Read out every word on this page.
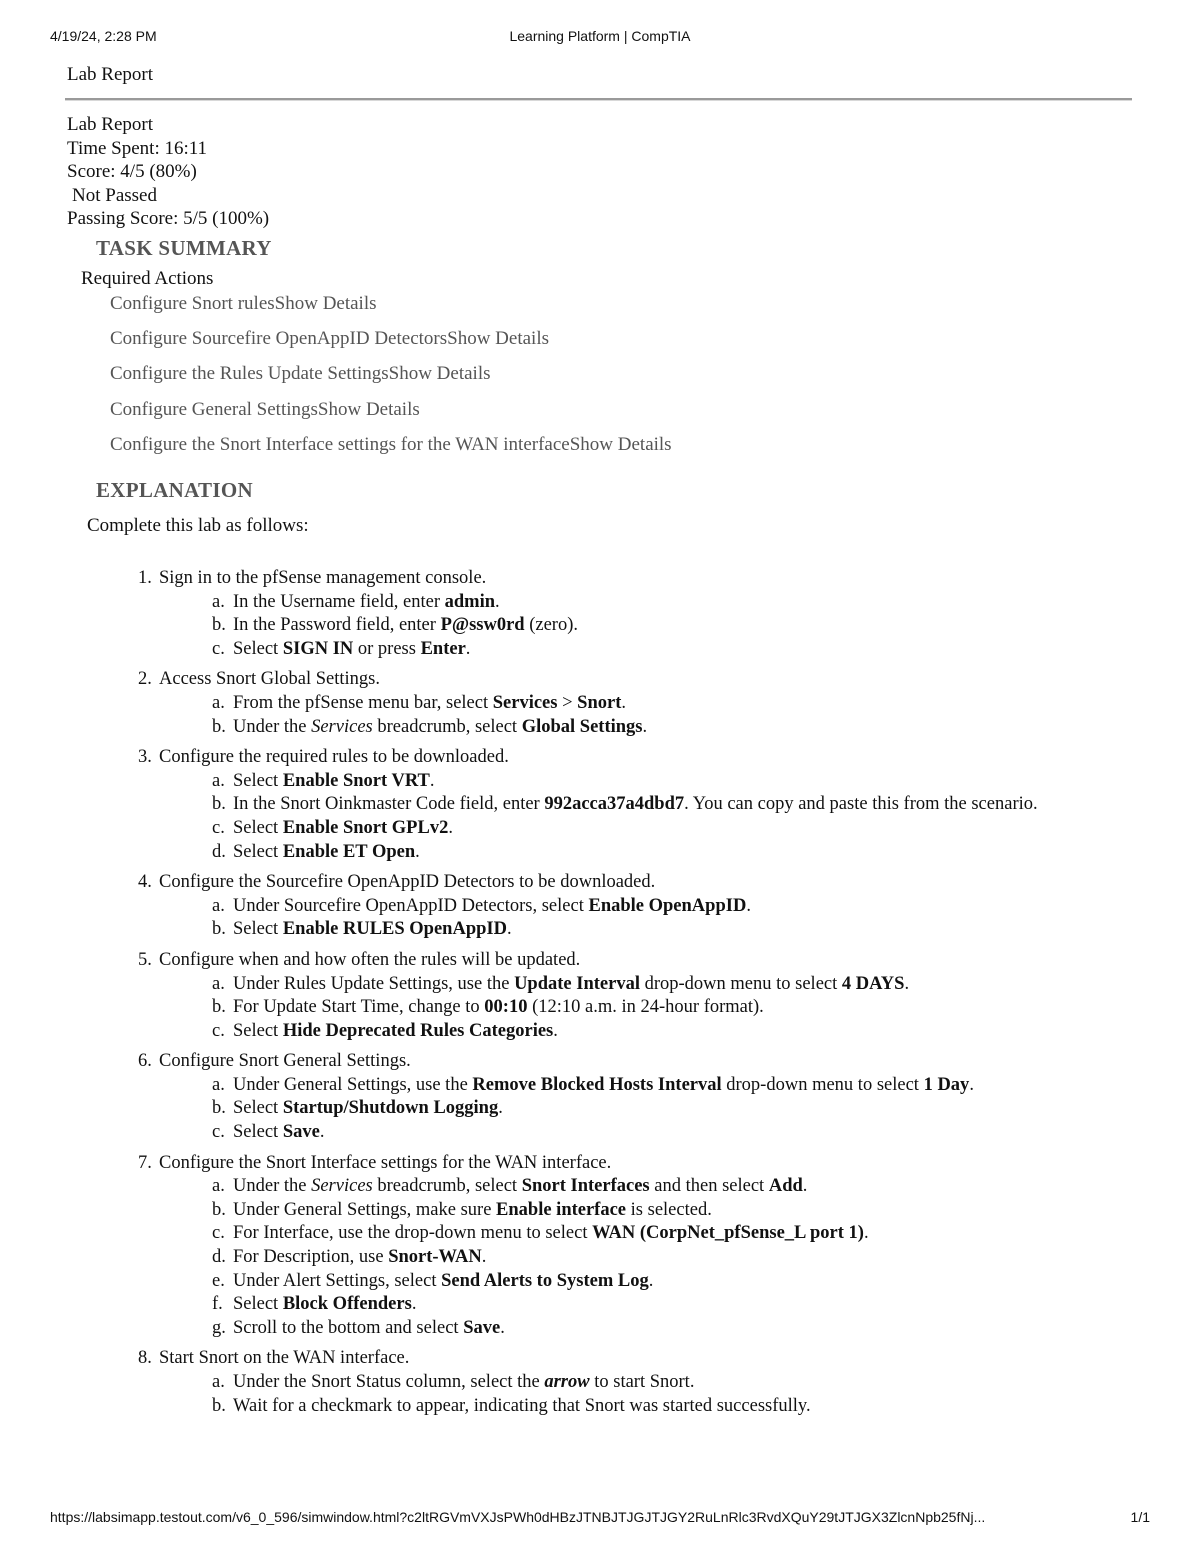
4/19/24, 2:28 PM	Learning Platform | CompTIA
Lab Report
Lab Report
Time Spent: 16:11
Score: 4/5 (80%)
Not Passed
Passing Score: 5/5 (100%)
TASK SUMMARY
Required Actions
Configure Snort rulesShow Details
Configure Sourcefire OpenAppID DetectorsShow Details
Configure the Rules Update SettingsShow Details
Configure General SettingsShow Details
Configure the Snort Interface settings for the WAN interfaceShow Details
EXPLANATION
Complete this lab as follows:
1. Sign in to the pfSense management console.
a. In the Username field, enter admin.
b. In the Password field, enter P@ssw0rd (zero).
c. Select SIGN IN or press Enter.
2. Access Snort Global Settings.
a. From the pfSense menu bar, select Services > Snort.
b. Under the Services breadcrumb, select Global Settings.
3. Configure the required rules to be downloaded.
a. Select Enable Snort VRT.
b. In the Snort Oinkmaster Code field, enter 992acca37a4dbd7. You can copy and paste this from the scenario.
c. Select Enable Snort GPLv2.
d. Select Enable ET Open.
4. Configure the Sourcefire OpenAppID Detectors to be downloaded.
a. Under Sourcefire OpenAppID Detectors, select Enable OpenAppID.
b. Select Enable RULES OpenAppID.
5. Configure when and how often the rules will be updated.
a. Under Rules Update Settings, use the Update Interval drop-down menu to select 4 DAYS.
b. For Update Start Time, change to 00:10 (12:10 a.m. in 24-hour format).
c. Select Hide Deprecated Rules Categories.
6. Configure Snort General Settings.
a. Under General Settings, use the Remove Blocked Hosts Interval drop-down menu to select 1 Day.
b. Select Startup/Shutdown Logging.
c. Select Save.
7. Configure the Snort Interface settings for the WAN interface.
a. Under the Services breadcrumb, select Snort Interfaces and then select Add.
b. Under General Settings, make sure Enable interface is selected.
c. For Interface, use the drop-down menu to select WAN (CorpNet_pfSense_L port 1).
d. For Description, use Snort-WAN.
e. Under Alert Settings, select Send Alerts to System Log.
f. Select Block Offenders.
g. Scroll to the bottom and select Save.
8. Start Snort on the WAN interface.
a. Under the Snort Status column, select the arrow to start Snort.
b. Wait for a checkmark to appear, indicating that Snort was started successfully.
https://labsimapp.testout.com/v6_0_596/simwindow.html?c2ltRGVmVXJsPWh0dHBzJTNBJTJGJTJGY2RuLnRlc3RvdXQuY29tJTJGX3ZlcnNpb25fNj...	1/1
